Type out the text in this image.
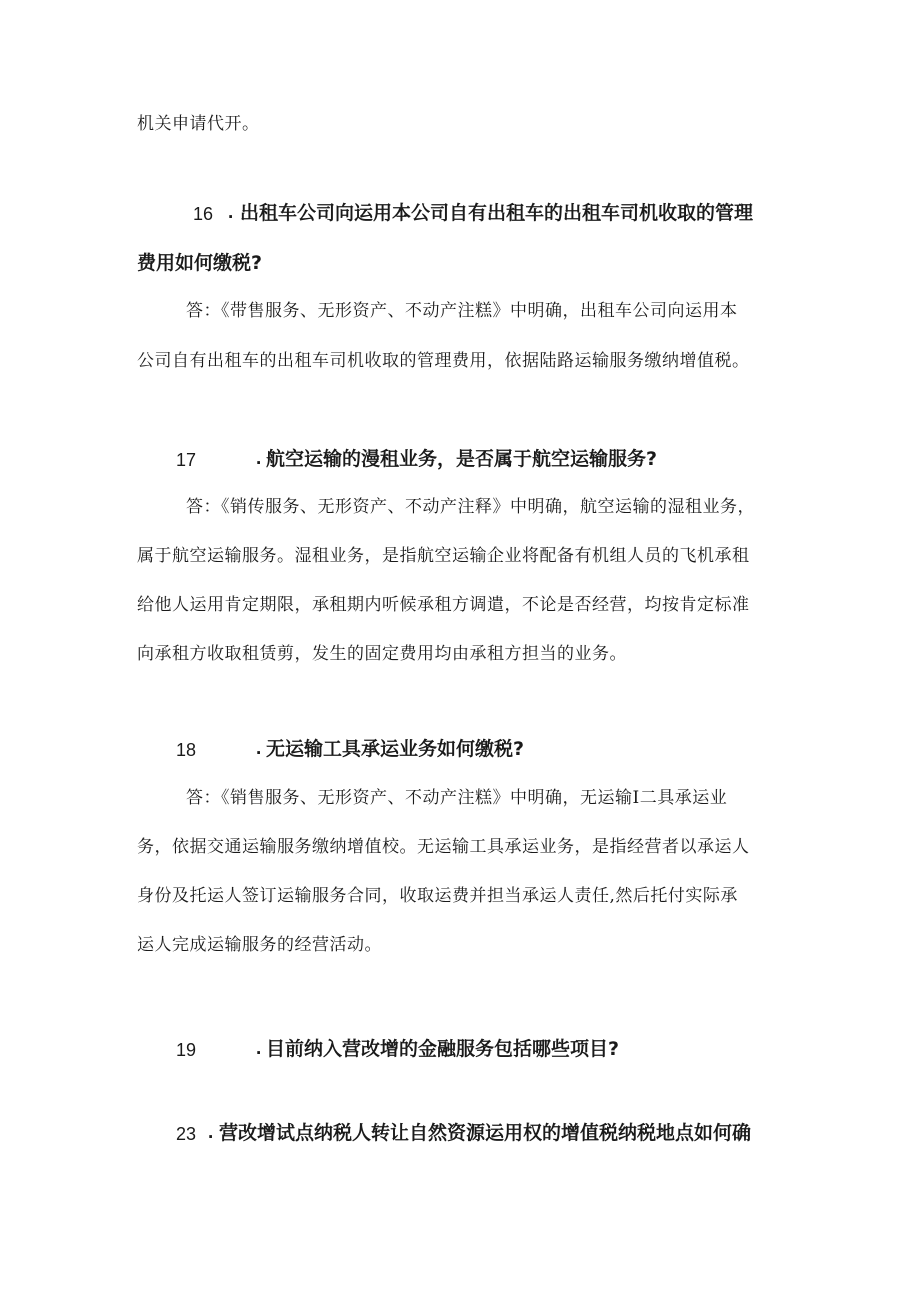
机关申请代开。
16 . 出租车公司向运用本公司自有出租车的出租车司机收取的管理
费用如何缴税?
答：《带售服务、无形资产、不动产注糕》中明确，出租车公司向运用本
公司自有出租车的出租车司机收取的管理费用，依据陆路运输服务缴纳增值税。
17	. 航空运输的漫租业务，是否属于航空运输服务?
答：《销传服务、无形资产、不动产注释》中明确，航空运输的湿租业务，
属于航空运输服务。湿租业务，是指航空运输企业将配备有机组人员的飞机承租
给他人运用肯定期限，承租期内听候承租方调遣，不论是否经营，均按肯定标准
向承租方收取租赁剪，发生的固定费用均由承租方担当的业务。
18	. 无运输工具承运业务如何缴税?
答：《销售服务、无形资产、不动产注糕》中明确，无运输I二具承运业
务，依据交通运输服务缴纳增值校。无运输工具承运业务，是指经营者以承运人
身份及托运人签订运输服务合同，收取运费并担当承运人责任,然后托付实际承
运人完成运输服务的经营活动。
19	. 目前纳入营改增的金融服务包括哪些项目?
23 . 营改增试点纳税人转让自然资源运用权的增值税纳税地点如何确
